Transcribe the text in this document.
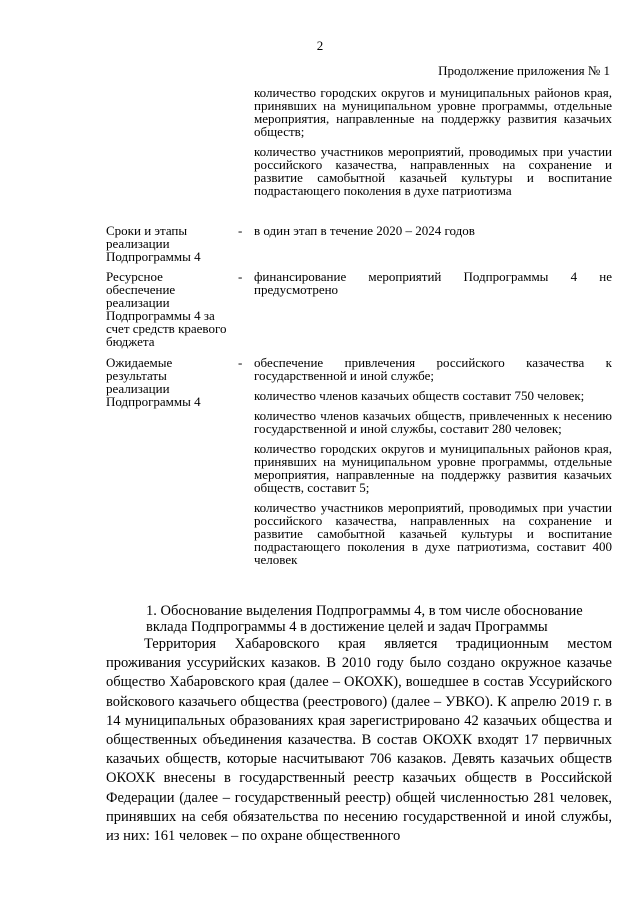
2
Продолжение приложения № 1

количество городских округов и муниципальных районов края, принявших на муниципальном уровне программы, отдельные мероприятия, направленные на поддержку развития казачьих обществ;

количество участников мероприятий, проводимых при участии российского казачества, направленных на сохранение и развитие самобытной казачьей культуры и воспитание подрастающего поколения в духе патриотизма

Сроки и этапы реализации Подпрограммы 4
- в один этап в течение 2020 – 2024 годов

Ресурсное обеспечение реализации Подпрограммы 4 за счет средств краевого бюджета
- финансирование мероприятий Подпрограммы 4 не предусмотрено

Ожидаемые результаты реализации Подпрограммы 4
- обеспечение привлечения российского казачества к государственной и иной службе;

количество членов казачьих обществ составит 750 человек;

количество членов казачьих обществ, привлеченных к несению государственной и иной службы, составит 280 человек;

количество городских округов и муниципальных районов края, принявших на муниципальном уровне программы, отдельные мероприятия, направленные на поддержку развития казачьих обществ, составит 5;

количество участников мероприятий, проводимых при участии российского казачества, направленных на сохранение и развитие самобытной казачьей культуры и воспитание подрастающего поколения в духе патриотизма, составит 400 человек

1. Обоснование выделения Подпрограммы 4, в том числе обоснование вклада Подпрограммы 4 в достижение целей и задач Программы

Территория Хабаровского края является традиционным местом проживания уссурийских казаков. В 2010 году было создано окружное казачье общество Хабаровского края (далее – ОКОХК), вошедшее в состав Уссурийского войскового казачьего общества (реестрового) (далее – УВКО). К апрелю 2019 г. в 14 муниципальных образованиях края зарегистрировано 42 казачьих общества и общественных объединения казачества. В состав ОКОХК входят 17 первичных казачьих обществ, которые насчитывают 706 казаков. Девять казачьих обществ ОКОХК внесены в государственный реестр казачьих обществ в Российской Федерации (далее – государственный реестр) общей численностью 281 человек, принявших на себя обязательства по несению государственной и иной службы, из них: 161 человек – по охране общественного
